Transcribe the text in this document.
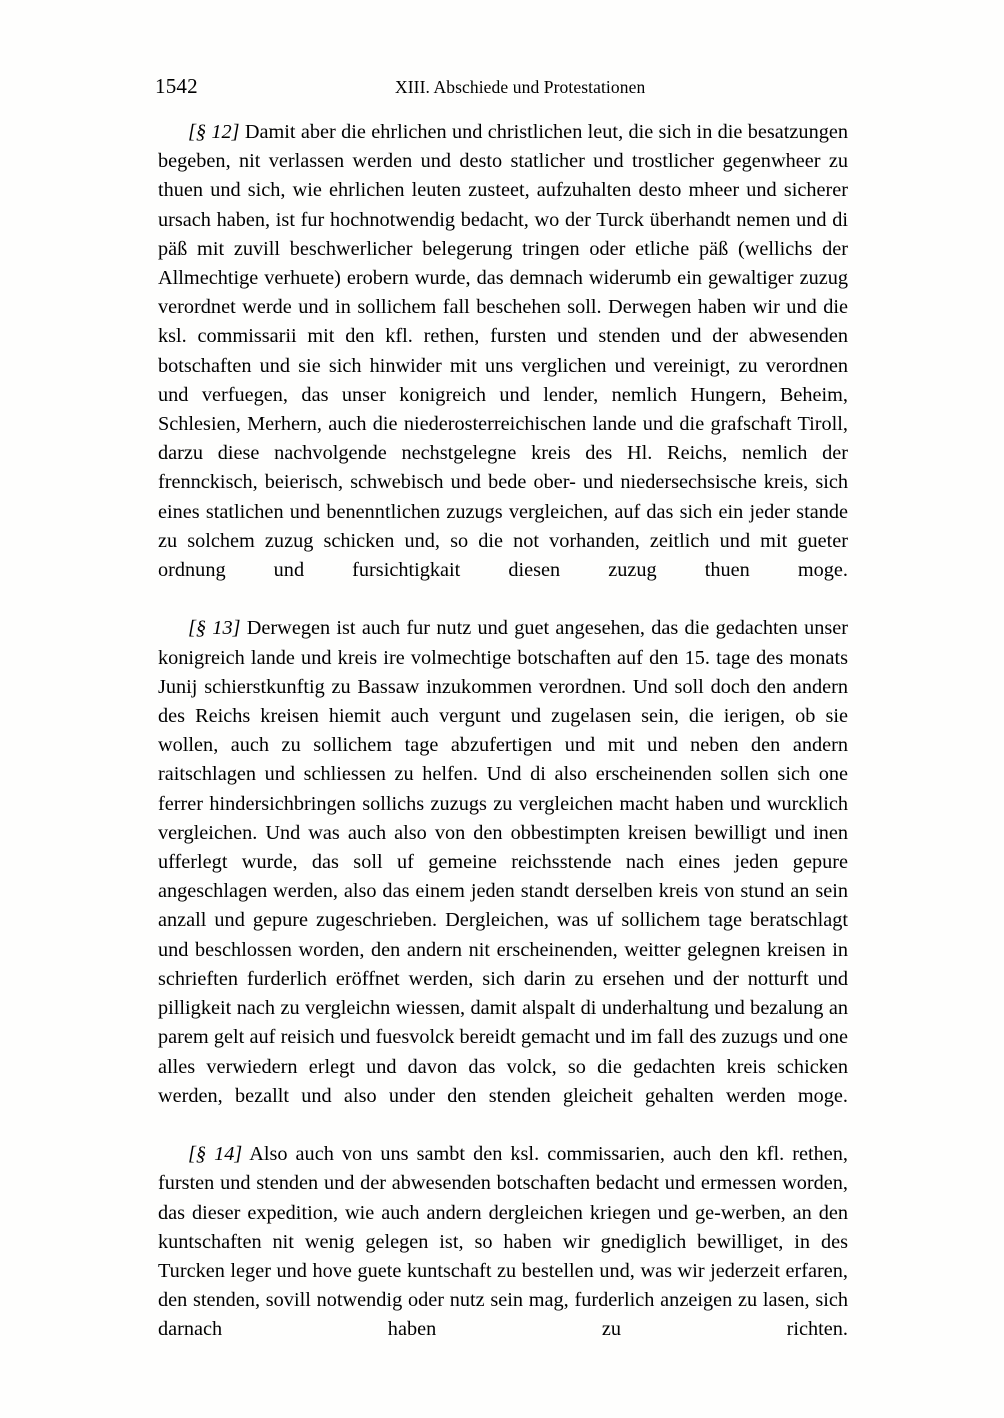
1542	XIII. Abschiede und Protestationen

[§ 12] Damit aber die ehrlichen und christlichen leut, die sich in die besatzungen begeben, nit verlassen werden und desto statlicher und trostlicher gegenwheer zu thuen und sich, wie ehrlichen leuten zusteet, aufzuhalten desto mheer und sicherer ursach haben, ist fur hochnotwendig bedacht, wo der Turck überhandt nemen und di päß mit zuvill beschwerlicher belegerung tringen oder etliche päß (wellichs der Allmechtige verhuete) erobern wurde, das demnach widerumb ein gewaltiger zuzug verordnet werde und in sollichem fall beschehen soll. Derwegen haben wir und die ksl. commissarii mit den kfl. rethen, fursten und stenden und der abwesenden botschaften und sie sich hinwider mit uns verglichen und vereinigt, zu verordnen und verfuegen, das unser konigreich und lender, nemlich Hungern, Beheim, Schlesien, Merhern, auch die niederosterreichischen lande und die grafschaft Tiroll, darzu diese nachvolgende nechstgelegne kreis des Hl. Reichs, nemlich der frennckisch, beierisch, schwebisch und bede ober- und niedersechsische kreis, sich eines statlichen und benenntlichen zuzugs vergleichen, auf das sich ein jeder stande zu solchem zuzug schicken und, so die not vorhanden, zeitlich und mit gueter ordnung und fursichtigkait diesen zuzug thuen moge.

[§ 13] Derwegen ist auch fur nutz und guet angesehen, das die gedachten unser konigreich lande und kreis ire volmechtige botschaften auf den 15. tage des monats Junij schierstkunftig zu Bassaw inzukommen verordnen. Und soll doch den andern des Reichs kreisen hiemit auch vergunt und zugelasen sein, die ierigen, ob sie wollen, auch zu sollichem tage abzufertigen und mit und neben den andern raitschlagen und schliessen zu helfen. Und di also erscheinenden sollen sich one ferrer hindersichbringen sollichs zuzugs zu vergleichen macht haben und wurcklich vergleichen. Und was auch also von den obbestimpten kreisen bewilligt und inen ufferlegt wurde, das soll uf gemeine reichsstende nach eines jeden gepure angeschlagen werden, also das einem jeden standt derselben kreis von stund an sein anzall und gepure zugeschrieben. Dergleichen, was uf sollichem tage beratschlagt und beschlossen worden, den andern nit erscheinenden, weitter gelegnen kreisen in schrieften furderlich eröffnet werden, sich darin zu ersehen und der notturft und pilligkeit nach zu vergleichn wiessen, damit alspalt di underhaltung und bezalung an parem gelt auf reisich und fuesvolck bereidt gemacht und im fall des zuzugs und one alles verwiedern erlegt und davon das volck, so die gedachten kreis schicken werden, bezallt und also under den stenden gleicheit gehalten werden moge.

[§ 14] Also auch von uns sambt den ksl. commissarien, auch den kfl. rethen, fursten und stenden und der abwesenden botschaften bedacht und ermessen worden, das dieser expedition, wie auch andern dergleichen kriegen und ge-werben, an den kuntschaften nit wenig gelegen ist, so haben wir gnediglich bewilliget, in des Turcken leger und hove guete kuntschaft zu bestellen und, was wir jederzeit erfaren, den stenden, sovill notwendig oder nutz sein mag, furderlich anzeigen zu lasen, sich darnach haben zu richten.
